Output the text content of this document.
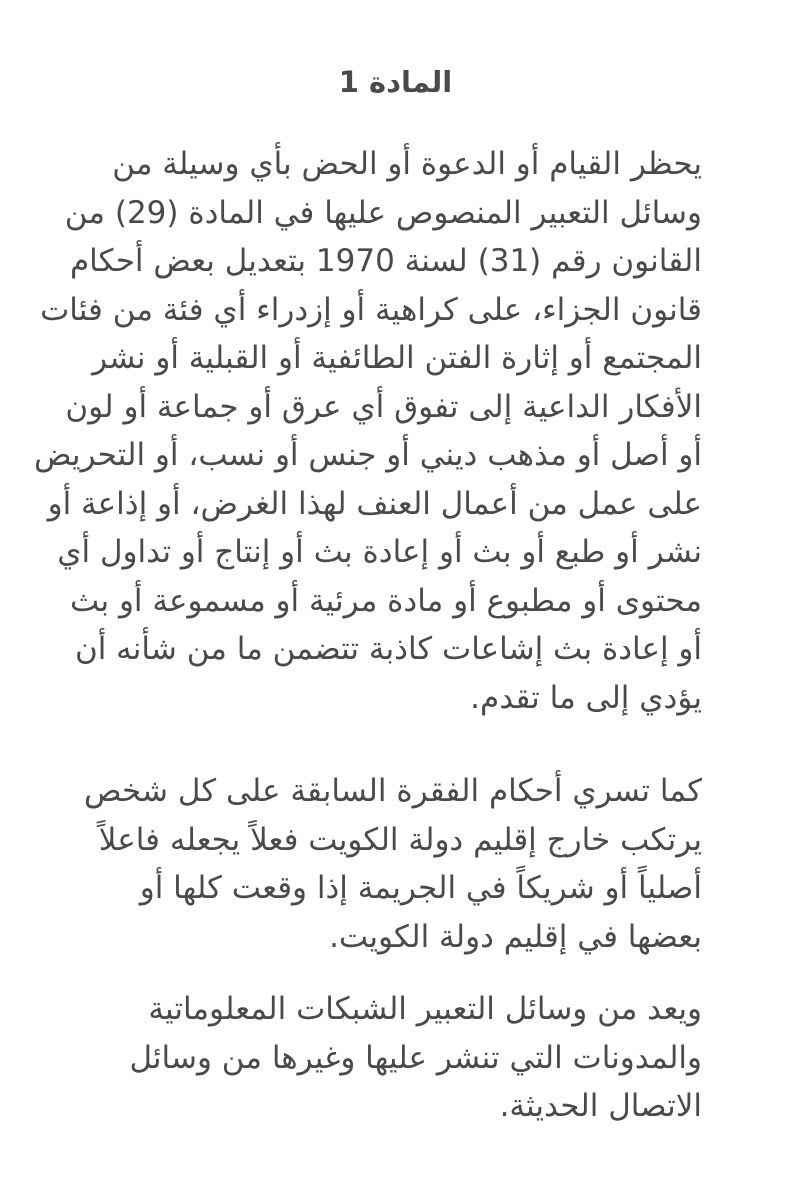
المادة 1

يحظر القيام أو الدعوة أو الحض بأي وسيلة من
وسائل التعبير المنصوص عليها في المادة (29) من
القانون رقم (31) لسنة 1970 بتعديل بعض أحكام
قانون الجزاء، على كراهية أو إزدراء أي فئة من فئات
المجتمع أو إثارة الفتن الطائفية أو القبلية أو نشر
الأفكار الداعية إلى تفوق أي عرق أو جماعة أو لون
أو أصل أو مذهب ديني أو جنس أو نسب، أو التحريض
على عمل من أعمال العنف لهذا الغرض، أو إذاعة أو
نشر أو طبع أو بث أو إعادة بث أو إنتاج أو تداول أي
محتوى أو مطبوع أو مادة مرئية أو مسموعة أو بث
أو إعادة بث إشاعات كاذبة تتضمن ما من شأنه أن
يؤدي إلى ما تقدم.

كما تسري أحكام الفقرة السابقة على كل شخص
يرتكب خارج إقليم دولة الكويت فعلاً يجعله فاعلاً
أصلياً أو شريكاً في الجريمة إذا وقعت كلها أو
بعضها في إقليم دولة الكويت.

ويعد من وسائل التعبير الشبكات المعلوماتية
والمدونات التي تنشر عليها وغيرها من وسائل
الاتصال الحديثة.
